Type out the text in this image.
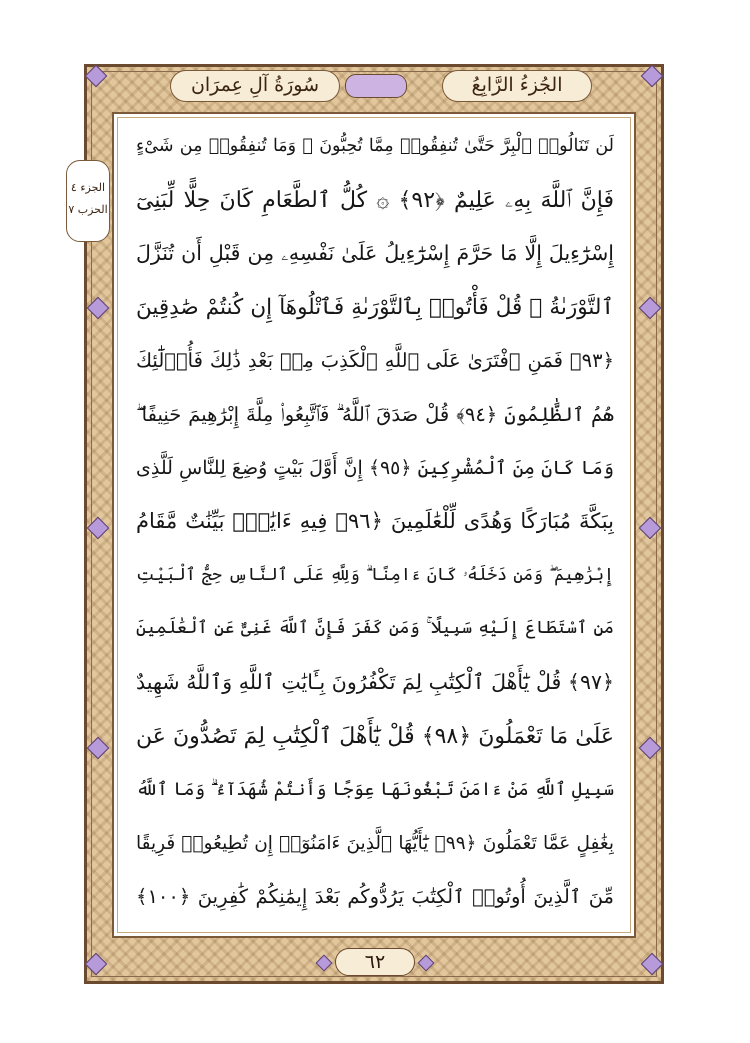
الجُزءُ الرَّابِعُ
سُورَةُ آلِ عِمرَان
الجزء ٤
الحزب ٧
لَن تَنَالُوا۟ ٱلْبِرَّ حَتَّىٰ تُنفِقُوا۟ مِمَّا تُحِبُّونَ ۚ وَمَا تُنفِقُوا۟ مِن شَىْءٍ
فَإِنَّ ٱللَّهَ بِهِۦ عَلِيمٌ ﴿٩٢﴾ ۞ كُلُّ ٱلطَّعَامِ كَانَ حِلًّا لِّبَنِىٓ
إِسْرَٰٓءِيلَ إِلَّا مَا حَرَّمَ إِسْرَٰٓءِيلُ عَلَىٰ نَفْسِهِۦ مِن قَبْلِ أَن تُنَزَّلَ
ٱلتَّوْرَىٰةُ ۗ قُلْ فَأْتُوا۟ بِٱلتَّوْرَىٰةِ فَٱتْلُوهَآ إِن كُنتُمْ صَٰدِقِينَ
﴿٩٣﴾ فَمَنِ ٱفْتَرَىٰ عَلَى ٱللَّهِ ٱلْكَذِبَ مِنۢ بَعْدِ ذَٰلِكَ فَأُو۟لَٰٓئِكَ
هُمُ ٱلظَّٰلِمُونَ ﴿٩٤﴾ قُلْ صَدَقَ ٱللَّهُ ۗ فَٱتَّبِعُوا۟ مِلَّةَ إِبْرَٰهِيمَ حَنِيفًا ۖ
وَمَا كَانَ مِنَ ٱلْمُشْرِكِينَ ﴿٩٥﴾ إِنَّ أَوَّلَ بَيْتٍ وُضِعَ لِلنَّاسِ لَلَّذِى
بِبَكَّةَ مُبَارَكًا وَهُدًى لِّلْعَٰلَمِينَ ﴿٩٦﴾ فِيهِ ءَايَٰتٌۢ بَيِّنَٰتٌ مَّقَامُ
إِبْرَٰهِيمَ ۖ وَمَن دَخَلَهُۥ كَانَ ءَامِنًا ۗ وَلِلَّهِ عَلَى ٱلنَّاسِ حِجُّ ٱلْبَيْتِ
مَنِ ٱسْتَطَاعَ إِلَيْهِ سَبِيلًا ۚ وَمَن كَفَرَ فَإِنَّ ٱللَّهَ غَنِىٌّ عَنِ ٱلْعَٰلَمِينَ
﴿٩٧﴾ قُلْ يَٰٓأَهْلَ ٱلْكِتَٰبِ لِمَ تَكْفُرُونَ بِـَٔايَٰتِ ٱللَّهِ وَٱللَّهُ شَهِيدٌ
عَلَىٰ مَا تَعْمَلُونَ ﴿٩٨﴾ قُلْ يَٰٓأَهْلَ ٱلْكِتَٰبِ لِمَ تَصُدُّونَ عَن
سَبِيلِ ٱللَّهِ مَنْ ءَامَنَ تَبْغُونَهَا عِوَجًا وَأَنتُمْ شُهَدَآءُ ۗ وَمَا ٱللَّهُ
بِغَٰفِلٍ عَمَّا تَعْمَلُونَ ﴿٩٩﴾ يَٰٓأَيُّهَا ٱلَّذِينَ ءَامَنُوٓا۟ إِن تُطِيعُوا۟ فَرِيقًا
مِّنَ ٱلَّذِينَ أُوتُوا۟ ٱلْكِتَٰبَ يَرُدُّوكُم بَعْدَ إِيمَٰنِكُمْ كَٰفِرِينَ ﴿١٠٠﴾
٦٢
